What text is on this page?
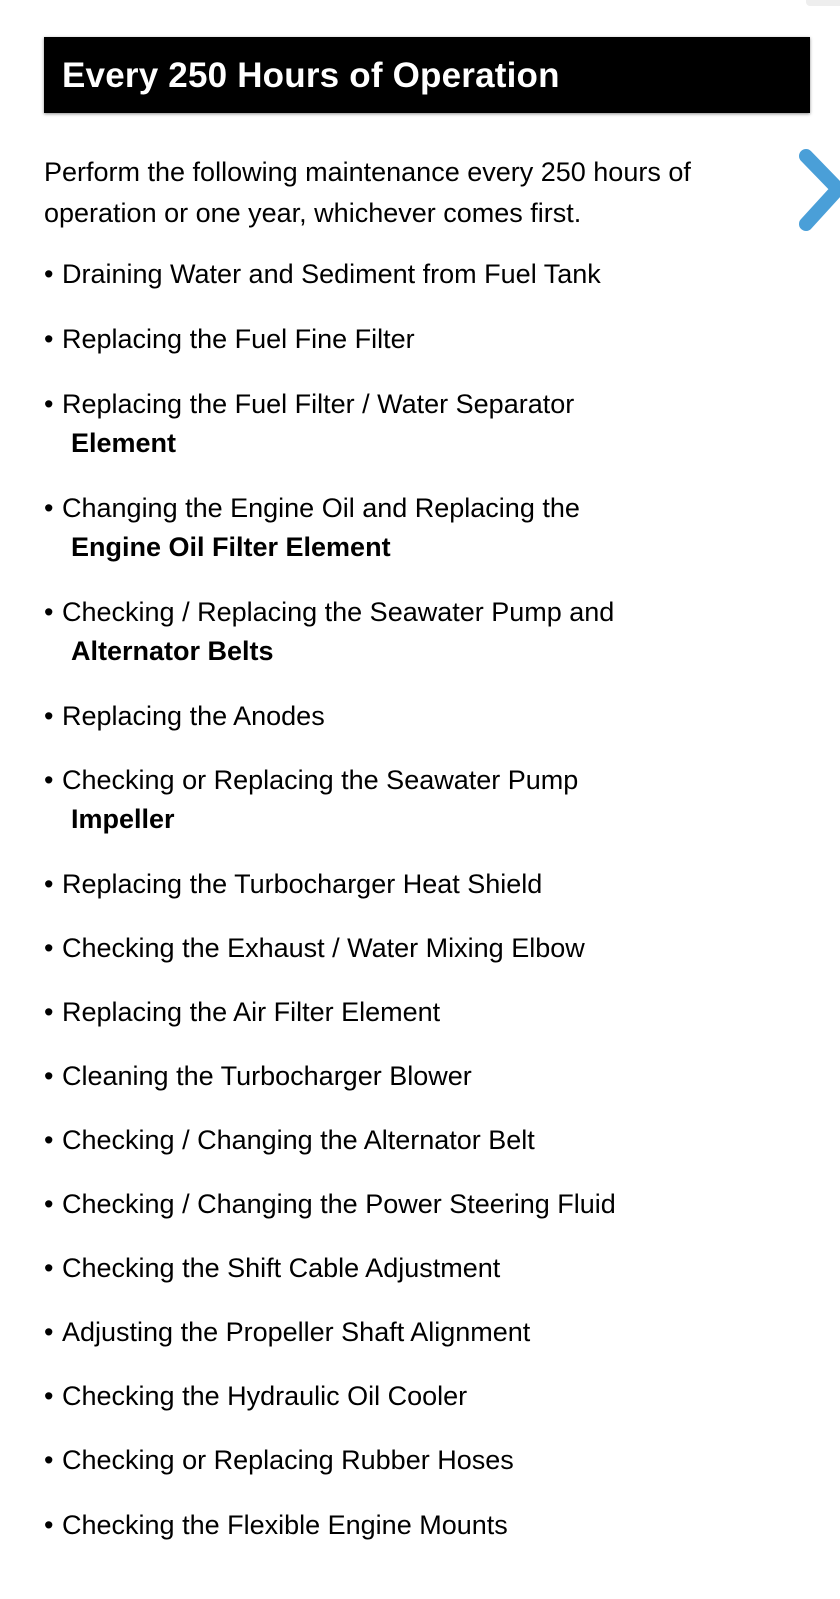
Every 250 Hours of Operation
Perform the following maintenance every 250 hours of operation or one year, whichever comes first.
• Draining Water and Sediment from Fuel Tank
• Replacing the Fuel Fine Filter
• Replacing the Fuel Filter / Water Separator
Element
• Changing the Engine Oil and Replacing the
Engine Oil Filter Element
• Checking / Replacing the Seawater Pump and
Alternator Belts
• Replacing the Anodes
• Checking or Replacing the Seawater Pump
Impeller
• Replacing the Turbocharger Heat Shield
• Checking the Exhaust / Water Mixing Elbow
• Replacing the Air Filter Element
• Cleaning the Turbocharger Blower
• Checking / Changing the Alternator Belt
• Checking / Changing the Power Steering Fluid
• Checking the Shift Cable Adjustment
• Adjusting the Propeller Shaft Alignment
• Checking the Hydraulic Oil Cooler
• Checking or Replacing Rubber Hoses
• Checking the Flexible Engine Mounts
